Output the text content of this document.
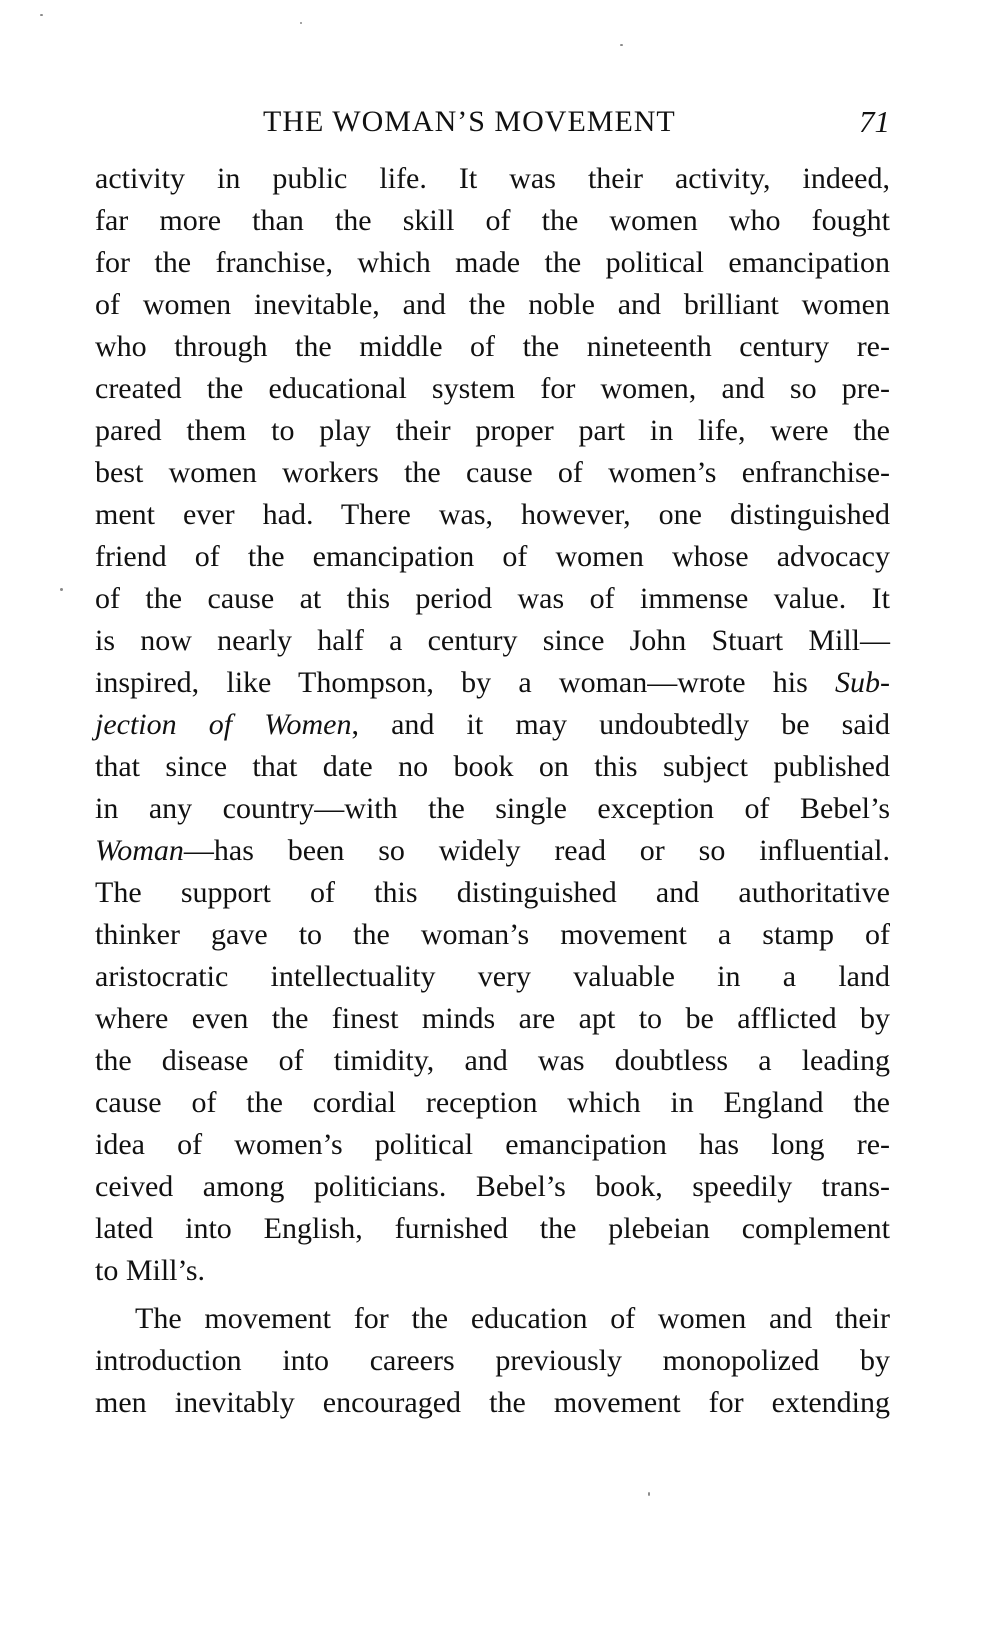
THE WOMAN’S MOVEMENT	71
activity in public life. It was their activity, indeed,
far more than the skill of the women who fought
for the franchise, which made the political emancipation
of women inevitable, and the noble and brilliant women
who through the middle of the nineteenth century re-
created the educational system for women, and so pre-
pared them to play their proper part in life, were the
best women workers the cause of women’s enfranchise-
ment ever had. There was, however, one distinguished
friend of the emancipation of women whose advocacy
of the cause at this period was of immense value. It
is now nearly half a century since John Stuart Mill—
inspired, like Thompson, by a woman—wrote his Sub-
jection of Women, and it may undoubtedly be said
that since that date no book on this subject published
in any country—with the single exception of Bebel’s
Woman—has been so widely read or so influential.
The support of this distinguished and authoritative
thinker gave to the woman’s movement a stamp of
aristocratic intellectuality very valuable in a land
where even the finest minds are apt to be afflicted by
the disease of timidity, and was doubtless a leading
cause of the cordial reception which in England the
idea of women’s political emancipation has long re-
ceived among politicians. Bebel’s book, speedily trans-
lated into English, furnished the plebeian complement
to Mill’s.
The movement for the education of women and their
introduction into careers previously monopolized by
men inevitably encouraged the movement for extending
